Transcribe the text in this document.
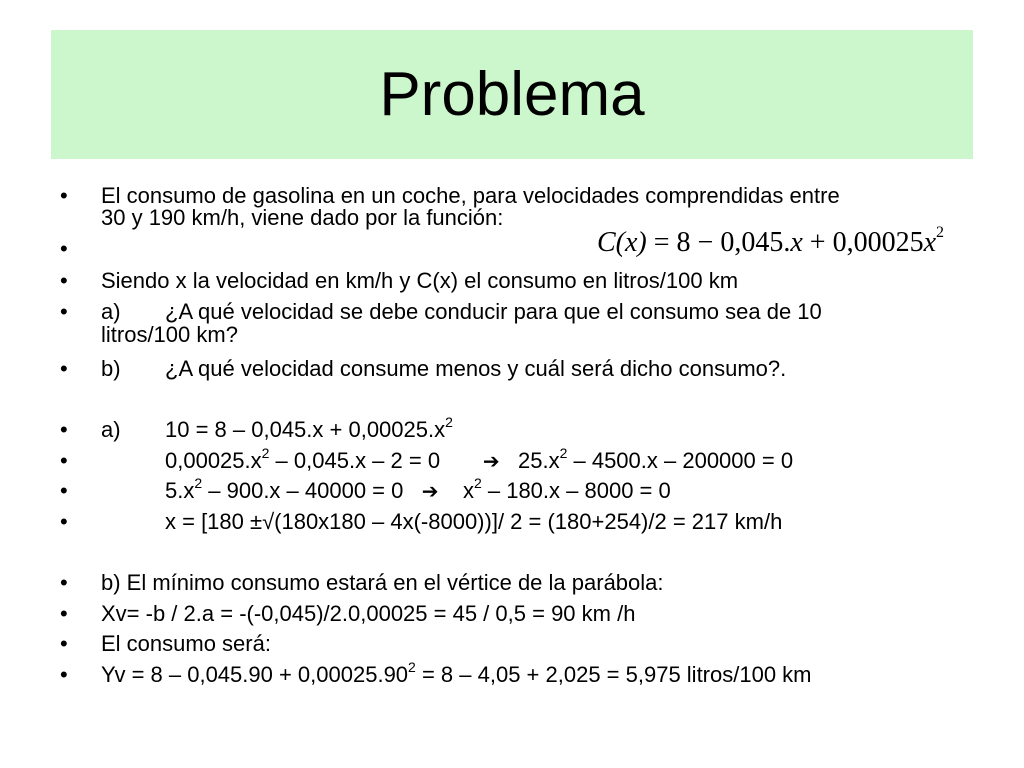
Problema
• El consumo de gasolina en un coche, para velocidades comprendidas entre
30 y 190 km/h, viene dado por la función:
•	$C(x) = 8 - 0,045.x + 0,00025x^2$
• Siendo x la velocidad en km/h y C(x) el consumo en litros/100 km
• a) ¿A qué velocidad se debe conducir para que el consumo sea de 10
litros/100 km?
• b) ¿A qué velocidad consume menos y cuál será dicho consumo?.
• a) $10 = 8 - 0,045.x + 0,00025.x^2$
•	$0,00025.x^2 - 0,045.x - 2 = 0$ ➔ $25.x^2 - 4500.x - 200000 = 0$
•	$5.x^2 - 900.x - 40000 = 0$ ➔ $x^2 - 180.x - 8000 = 0$
•	x = [180 ±√(180x180 – 4x(-8000))]/ 2 = (180+254)/2 = 217 km/h
• b) El mínimo consumo estará en el vértice de la parábola:
• Xv= -b / 2.a = -(-0,045)/2.0,00025 = 45 / 0,5 = 90 km /h
• El consumo será:
• $Yv = 8 - 0,045.90 + 0,00025.90^2 = 8 - 4,05 + 2,025 = 5,975$ litros/100 km
